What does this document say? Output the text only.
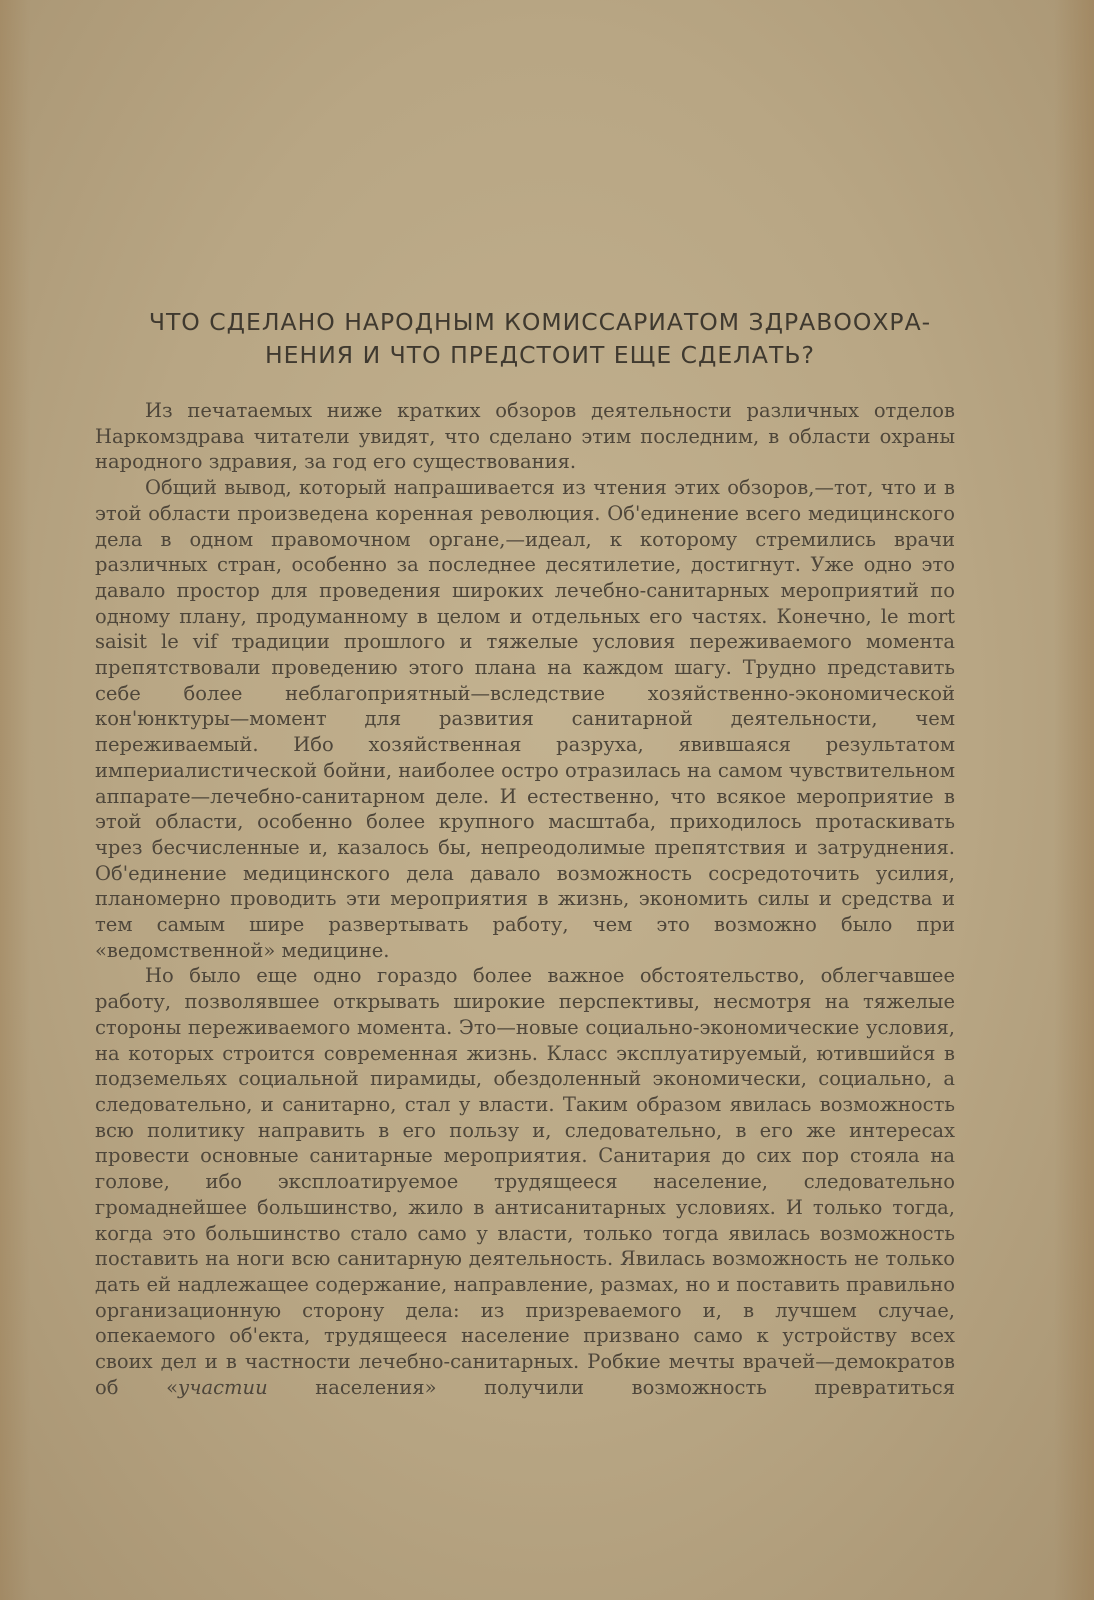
ЧТО СДЕЛАНО НАРОДНЫМ КОМИССАРИАТОМ ЗДРАВООХРА-
НЕНИЯ И ЧТО ПРЕДСТОИТ ЕЩЕ СДЕЛАТЬ?

Из печатаемых ниже кратких обзоров деятельности различных отделов Наркомздрава читатели увидят, что сделано этим последним, в области охраны народного здравия, за год его существования.

Общий вывод, который напрашивается из чтения этих обзоров,—тот, что и в этой области произведена коренная революция. Об'единение всего медицинского дела в одном правомочном органе,—идеал, к которому стремились врачи различных стран, особенно за последнее десятилетие, достигнут. Уже одно это давало простор для проведения широких лечебно-санитарных мероприятий по одному плану, продуманному в целом и отдельных его частях. Конечно, le mort saisit le vif традиции прошлого и тяжелые условия переживаемого момента препятствовали проведению этого плана на каждом шагу. Трудно представить себе более неблагоприятный—вследствие хозяйственно-экономической кон'юнктуры—момент для развития санитарной деятельности, чем переживаемый. Ибо хозяйственная разруха, явившаяся результатом империалистической бойни, наиболее остро отразилась на самом чувствительном аппарате—лечебно-санитарном деле. И естественно, что всякое мероприятие в этой области, особенно более крупного масштаба, приходилось протаскивать чрез бесчисленные и, казалось бы, непреодолимые препятствия и затруднения. Об'единение медицинского дела давало возможность сосредоточить усилия, планомерно проводить эти мероприятия в жизнь, экономить силы и средства и тем самым шире развертывать работу, чем это возможно было при «ведомственной» медицине.

Но было еще одно гораздо более важное обстоятельство, облегчавшее работу, позволявшее открывать широкие перспективы, несмотря на тяжелые стороны переживаемого момента. Это—новые социально-экономические условия, на которых строится современная жизнь. Класс эксплуатируемый, ютившийся в подземельях социальной пирамиды, обездоленный экономически, социально, а следовательно, и санитарно, стал у власти. Таким образом явилась возможность всю политику направить в его пользу и, следовательно, в его же интересах провести основные санитарные мероприятия. Санитария до сих пор стояла на голове, ибо эксплоатируемое трудящееся население, следовательно громаднейшее большинство, жило в антисанитарных условиях. И только тогда, когда это большинство стало само у власти, только тогда явилась возможность поставить на ноги всю санитарную деятельность. Явилась возможность не только дать ей надлежащее содержание, направление, размах, но и поставить правильно организационную сторону дела: из призреваемого и, в лучшем случае, опекаемого об'екта, трудящееся население призвано само к устройству всех своих дел и в частности лечебно-санитарных. Робкие мечты врачей—демократов об «участии населения» получили возможность превратиться
